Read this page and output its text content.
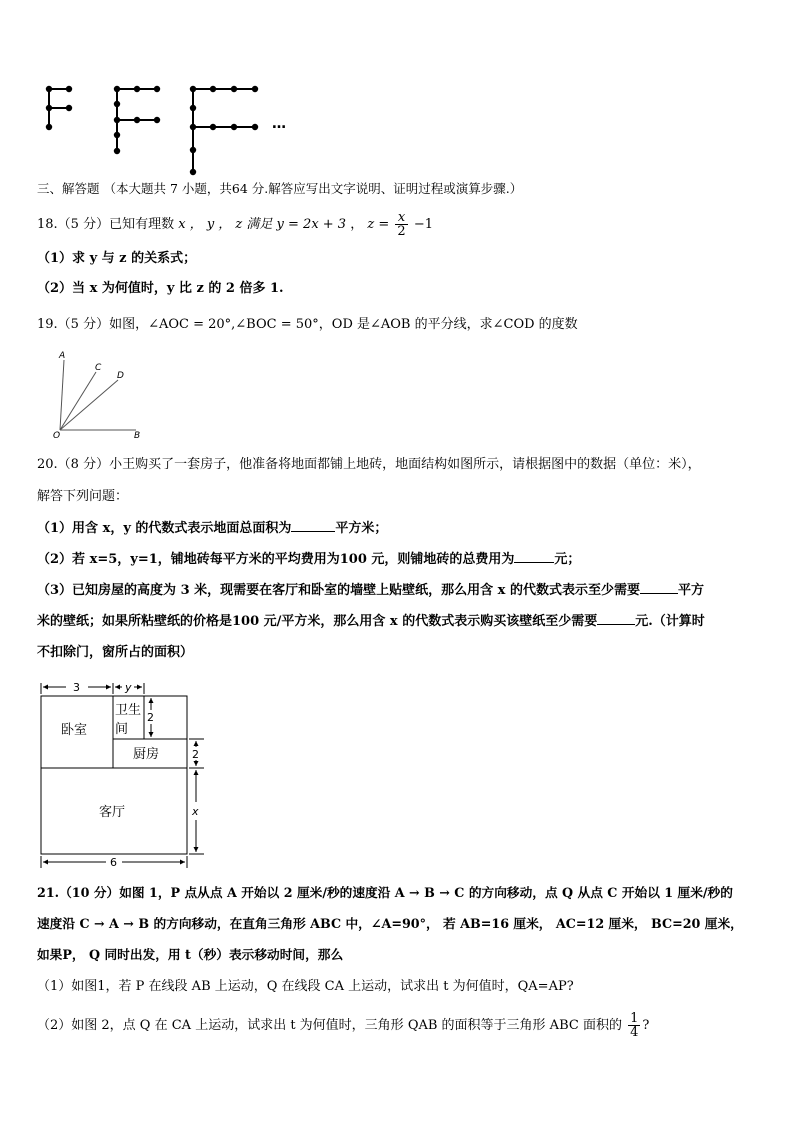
…
三、解答题 （本大题共 7 小题，共64 分.解答应写出文字说明、证明过程或演算步骤.）
18.（5 分）已知有理数 x ， y ， z 满足 y = 2x + 3 ， $z = \frac{x}{2} -1$
（1）求 y 与 z 的关系式；
（2）当 x 为何值时，y 比 z 的 2 倍多 1.
19.（5 分）如图，∠AOC = 20°,∠BOC = 50°，OD 是∠AOB 的平分线，求∠COD 的度数
A
C
D
O	B
20.（8 分）小王购买了一套房子，他准备将地面都铺上地砖，地面结构如图所示，请根据图中的数据（单位：米），
解答下列问题：
（1）用含 x，y 的代数式表示地面总面积为	平方米；
（2）若 x=5，y=1，铺地砖每平方米的平均费用为100 元，则铺地砖的总费用为	元；
（3）已知房屋的高度为 3 米，现需要在客厅和卧室的墙壁上贴壁纸，那么用含 x 的代数式表示至少需要	平方
米的壁纸；如果所粘壁纸的价格是100 元/平方米，那么用含 x 的代数式表示购买该壁纸至少需要	元.（计算时
不扣除门，窗所占的面积）
3	y
2
2
x
6
卧室
卫生
间
厨房
客厅
21.（10 分）如图 1，P 点从点 A 开始以 2 厘米/秒的速度沿 A → B → C 的方向移动，点 Q 从点 C 开始以 1 厘米/秒的
速度沿 C → A → B 的方向移动，在直角三角形 ABC 中，∠A=90°， 若 AB=16 厘米， AC=12 厘米， BC=20 厘米，
如果P， Q 同时出发，用 t（秒）表示移动时间，那么
（1）如图1，若 P 在线段 AB 上运动，Q 在线段 CA 上运动，试求出 t 为何值时，QA=AP?
（2）如图 2，点 Q 在 CA 上运动，试求出 t 为何值时，三角形 QAB 的面积等于三角形 ABC 面积的 $\frac{1}{4}$ ?
